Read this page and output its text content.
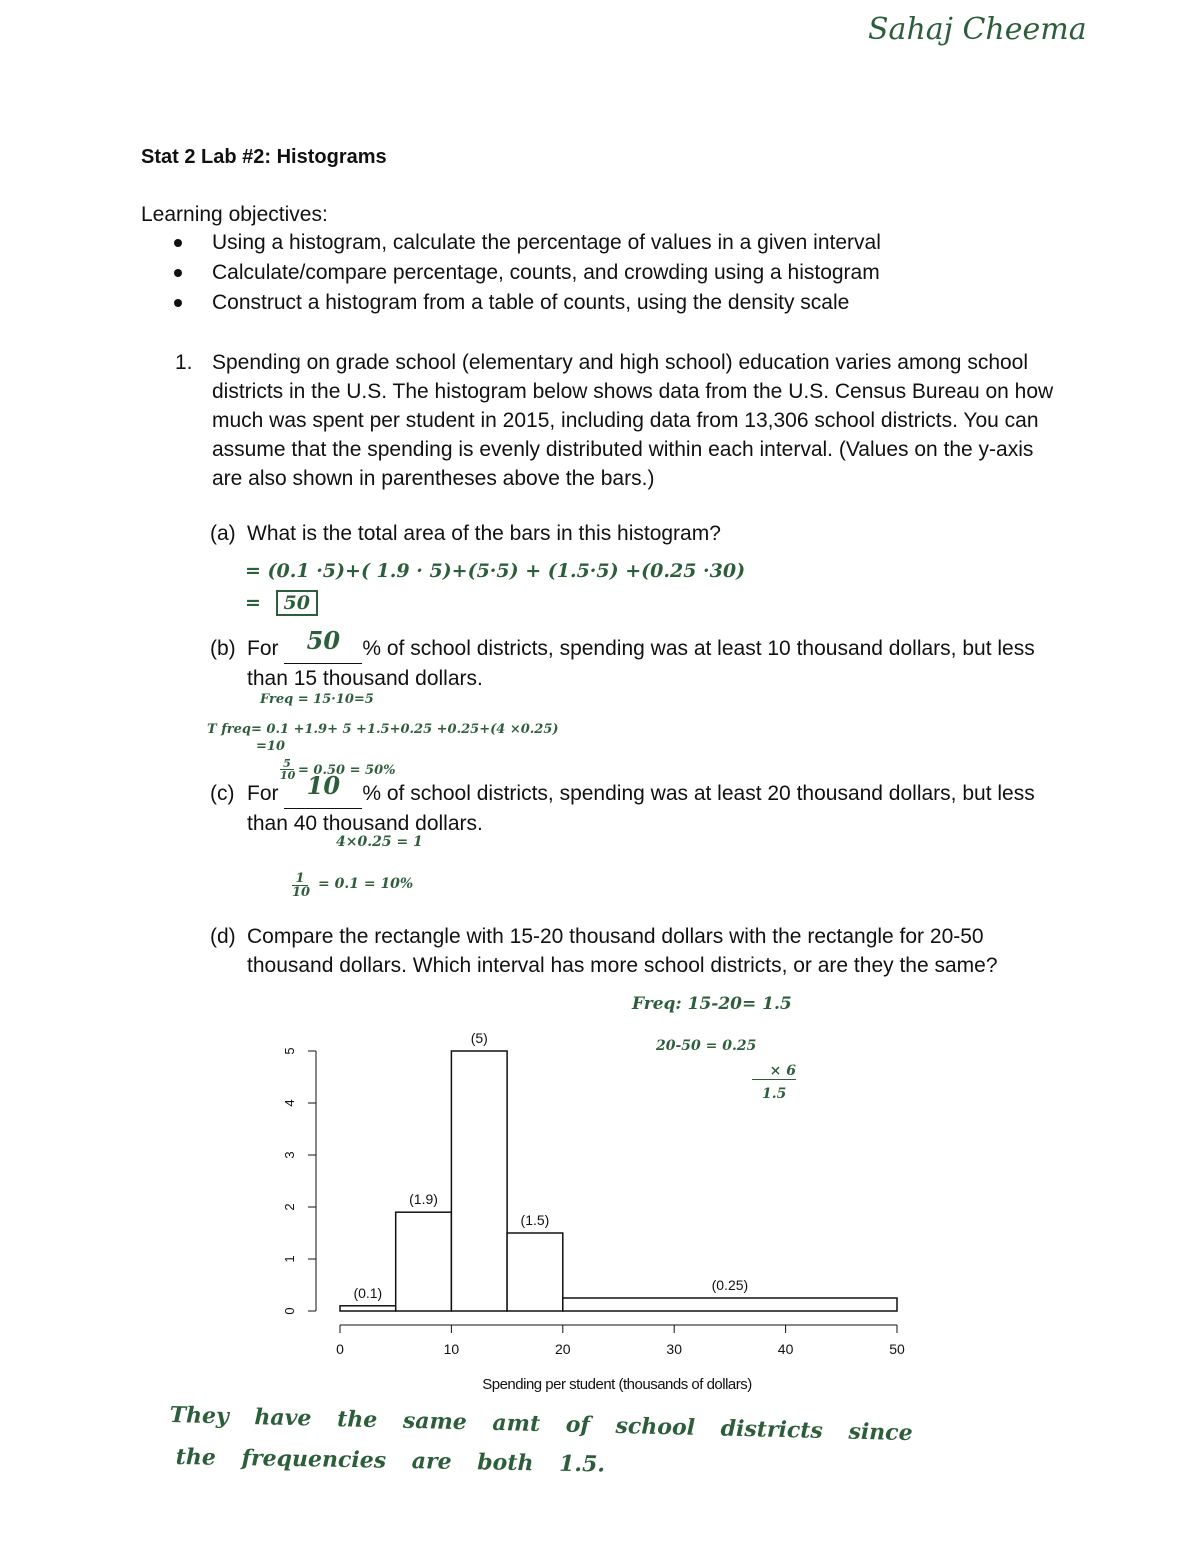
Sahaj Cheema
Stat 2 Lab #2: Histograms
Learning objectives:
Using a histogram, calculate the percentage of values in a given interval
Calculate/compare percentage, counts, and crowding using a histogram
Construct a histogram from a table of counts, using the density scale
1. Spending on grade school (elementary and high school) education varies among school districts in the U.S. The histogram below shows data from the U.S. Census Bureau on how much was spent per student in 2015, including data from 13,306 school districts. You can assume that the spending is evenly distributed within each interval. (Values on the y-axis are also shown in parentheses above the bars.)
(a) What is the total area of the bars in this histogram?
= (0.1 ·5)+( 1.9 · 5)+(5·5) + (1.5·5) +(0.25 ·30)
= 50
(b) For	50	% of school districts, spending was at least 10 thousand dollars, but less than 15 thousand dollars.
Freq = 15·10=5
T freq= 0.1 +1.9+ 5 +1.5+0.25 +0.25+(4 ×0.25)
=10
$\frac{5}{10} = 0.50 = 50\%$
(c) For	10	% of school districts, spending was at least 20 thousand dollars, but less than 40 thousand dollars.
4×0.25 = 1
$\frac{1}{10} = 0.1 = 10\%$
(d) Compare the rectangle with 15-20 thousand dollars with the rectangle for 20-50 thousand dollars. Which interval has more school districts, or are they the same?
Freq: 15-20= 1.5
20-50 = 0.25
× 6
1.5
(0.1)
(1.9)
(5)
(1.5)
(0.25)
0	10	20	30	40	50
0
1
2
3
4
5
Spending per student (thousands of dollars)
They have the same amt of school districts since
the frequencies are both 1.5.
